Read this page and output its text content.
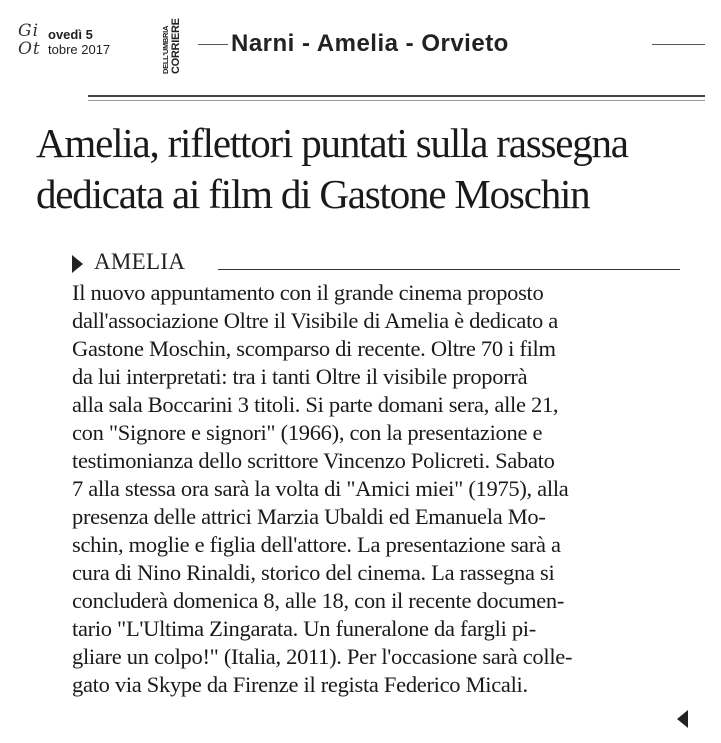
Gi
Ot
ovedì 5
tobre 2017	CORRIERE
DELL'UMBRIA	Narni - Amelia - Orvieto
Amelia, riflettori puntati sulla rassegna
dedicata ai film di Gastone Moschin
AMELIA
Il nuovo appuntamento con il grande cinema proposto
dall'associazione Oltre il Visibile di Amelia è dedicato a
Gastone Moschin, scomparso di recente. Oltre 70 i film
da lui interpretati: tra i tanti Oltre il visibile proporrà
alla sala Boccarini 3 titoli. Si parte domani sera, alle 21,
con "Signore e signori" (1966), con la presentazione e
testimonianza dello scrittore Vincenzo Policreti. Sabato
7 alla stessa ora sarà la volta di "Amici miei" (1975), alla
presenza delle attrici Marzia Ubaldi ed Emanuela Mo-
schin, moglie e figlia dell'attore. La presentazione sarà a
cura di Nino Rinaldi, storico del cinema. La rassegna si
concluderà domenica 8, alle 18, con il recente documen-
tario "L'Ultima Zingarata. Un funeralone da fargli pi-
gliare un colpo!" (Italia, 2011). Per l'occasione sarà colle-
gato via Skype da Firenze il regista Federico Micali.
